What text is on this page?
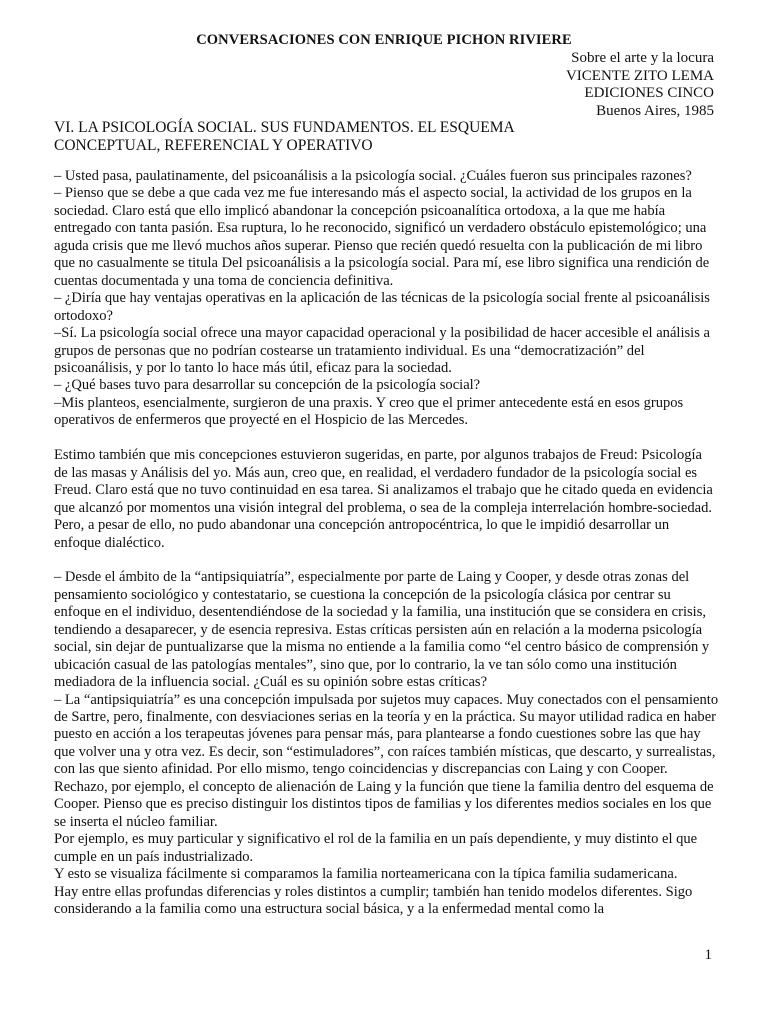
CONVERSACIONES CON ENRIQUE PICHON RIVIERE
Sobre el arte y la locura
VICENTE ZITO LEMA
EDICIONES CINCO
Buenos Aires, 1985
VI. LA PSICOLOGÍA SOCIAL. SUS FUNDAMENTOS. EL ESQUEMA CONCEPTUAL, REFERENCIAL Y OPERATIVO

– Usted pasa, paulatinamente, del psicoanálisis a la psicología social. ¿Cuáles fueron sus principales razones?

– Pienso que se debe a que cada vez me fue interesando más el aspecto social, la actividad de los grupos en la sociedad. Claro está que ello implicó abandonar la concepción psicoanalítica ortodoxa, a la que me había entregado con tanta pasión. Esa ruptura, lo he reconocido, significó un verdadero obstáculo epistemológico; una aguda crisis que me llevó muchos años superar. Pienso que recién quedó resuelta con la publicación de mi libro que no casualmente se titula Del psicoanálisis a la psicología social. Para mí, ese libro significa una rendición de cuentas documentada y una toma de conciencia definitiva.

– ¿Diría que hay ventajas operativas en la aplicación de las técnicas de la psicología social frente al psicoanálisis ortodoxo?

–Sí. La psicología social ofrece una mayor capacidad operacional y la posibilidad de hacer accesible el análisis a grupos de personas que no podrían costearse un tratamiento individual. Es una “democratización” del psicoanálisis, y por lo tanto lo hace más útil, eficaz para la sociedad.

– ¿Qué bases tuvo para desarrollar su concepción de la psicología social?

–Mis planteos, esencialmente, surgieron de una praxis. Y creo que el primer antecedente está en esos grupos operativos de enfermeros que proyecté en el Hospicio de las Mercedes.

Estimo también que mis concepciones estuvieron sugeridas, en parte, por algunos trabajos de Freud: Psicología de las masas y Análisis del yo. Más aun, creo que, en realidad, el verdadero fundador de la psicología social es Freud. Claro está que no tuvo continuidad en esa tarea. Si analizamos el trabajo que he citado queda en evidencia que alcanzó por momentos una visión integral del problema, o sea de la compleja interrelación hombre-sociedad. Pero, a pesar de ello, no pudo abandonar una concepción antropocéntrica, lo que le impidió desarrollar un enfoque dialéctico.

– Desde el ámbito de la “antipsiquiatría”, especialmente por parte de Laing y Cooper, y desde otras zonas del pensamiento sociológico y contestatario, se cuestiona la concepción de la psicología clásica por centrar su enfoque en el individuo, desentendiéndose de la sociedad y la familia, una institución que se considera en crisis, tendiendo a desaparecer, y de esencia represiva. Estas críticas persisten aún en relación a la moderna psicología social, sin dejar de puntualizarse que la misma no entiende a la familia como “el centro básico de comprensión y ubicación casual de las patologías mentales”, sino que, por lo contrario, la ve tan sólo como una institución mediadora de la influencia social. ¿Cuál es su opinión sobre estas críticas?

– La “antipsiquiatría” es una concepción impulsada por sujetos muy capaces. Muy conectados con el pensamiento de Sartre, pero, finalmente, con desviaciones serias en la teoría y en la práctica. Su mayor utilidad radica en haber puesto en acción a los terapeutas jóvenes para pensar más, para plantearse a fondo cuestiones sobre las que hay que volver una y otra vez. Es decir, son “estimuladores”, con raíces también místicas, que descarto, y surrealistas, con las que siento afinidad. Por ello mismo, tengo coincidencias y discrepancias con Laing y con Cooper. Rechazo, por ejemplo, el concepto de alienación de Laing y la función que tiene la familia dentro del esquema de Cooper. Pienso que es preciso distinguir los distintos tipos de familias y los diferentes medios sociales en los que se inserta el núcleo familiar.

Por ejemplo, es muy particular y significativo el rol de la familia en un país dependiente, y muy distinto el que cumple en un país industrializado.

Y esto se visualiza fácilmente si comparamos la familia norteamericana con la típica familia sudamericana.

Hay entre ellas profundas diferencias y roles distintos a cumplir; también han tenido modelos diferentes. Sigo considerando a la familia como una estructura social básica, y a la enfermedad mental como la

1
